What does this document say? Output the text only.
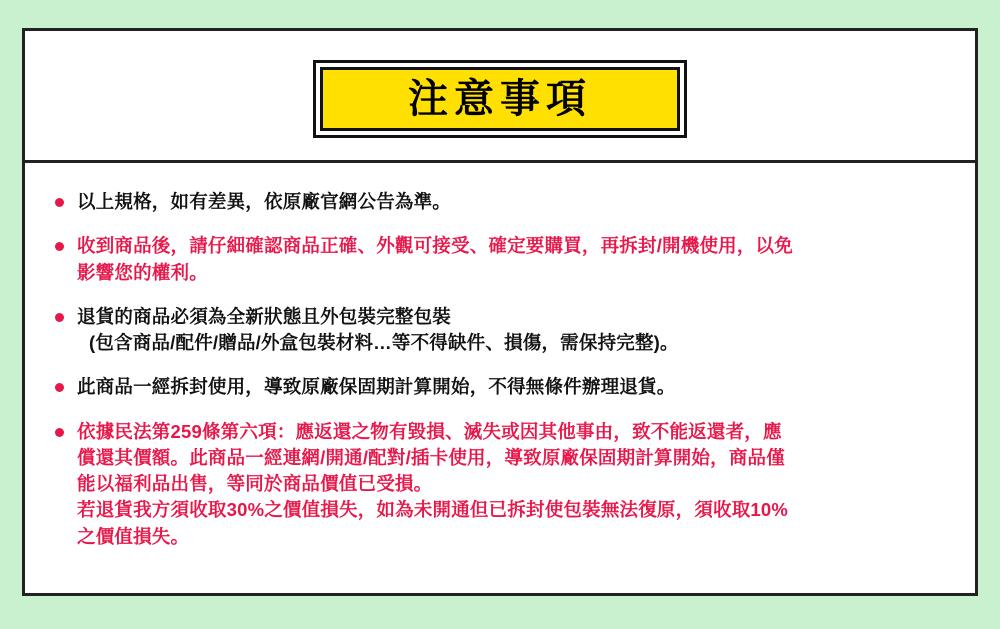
注意事項
以上規格，如有差異，依原廠官網公告為準。
收到商品後，請仔細確認商品正確、外觀可接受、確定要購買，再拆封/開機使用，以免
影響您的權利。
退貨的商品必須為全新狀態且外包裝完整包裝
(包含商品/配件/贈品/外盒包裝材料…等不得缺件、損傷，需保持完整)。
此商品一經拆封使用，導致原廠保固期計算開始，不得無條件辦理退貨。
依據民法第259條第六項：應返還之物有毀損、滅失或因其他事由，致不能返還者，應
償還其價額。此商品一經連網/開通/配對/插卡使用，導致原廠保固期計算開始，商品僅
能以福利品出售，等同於商品價值已受損。
若退貨我方須收取30%之價值損失，如為未開通但已拆封使包裝無法復原，須收取10%
之價值損失。
